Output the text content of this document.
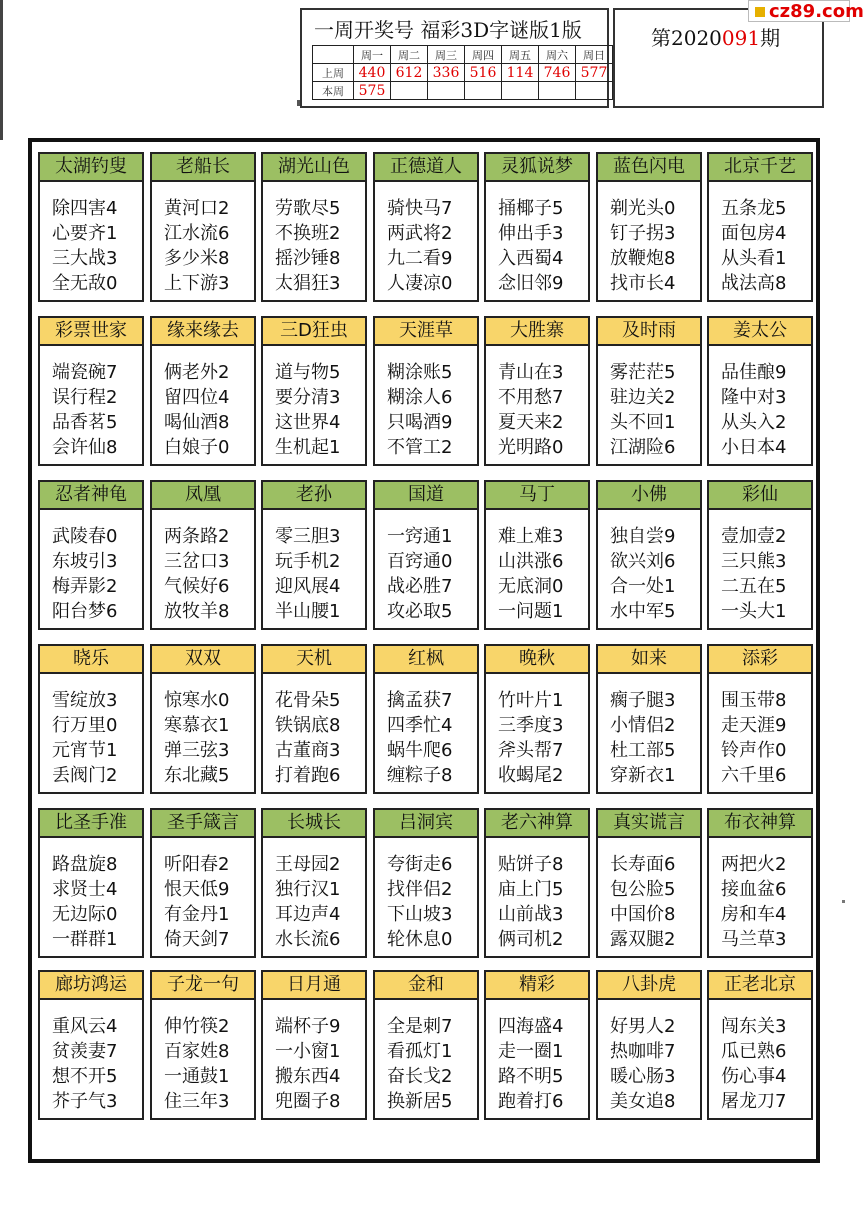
一周开奖号 福彩3D字谜版1版
	周一	周二	周三	周四	周五	周六	周日
上周	440	612	336	516	114	746	577
本周	575						
第2020091期
cz89.com
太湖钓叟
除四害4
心要齐1
三大战3
全无敌0
老船长
黄河口2
江水流6
多少米8
上下游3
湖光山色
劳歌尽5
不换班2
摇沙锤8
太猖狂3
正德道人
骑快马7
两武将2
九二看9
人凄凉0
灵狐说梦
捅椰子5
伸出手3
入西蜀4
念旧邻9
蓝色闪电
剃光头0
钉子拐3
放鞭炮8
找市长4
北京千艺
五条龙5
面包房4
从头看1
战法高8
彩票世家
端瓷碗7
误行程2
品香茗5
会许仙8
缘来缘去
俩老外2
留四位4
喝仙酒8
白娘子0
三D狂虫
道与物5
要分清3
这世界4
生机起1
天涯草
糊涂账5
糊涂人6
只喝酒9
不管工2
大胜寨
青山在3
不用愁7
夏天来2
光明路0
及时雨
雾茫茫5
驻边关2
头不回1
江湖险6
姜太公
品佳酿9
隆中对3
从头入2
小日本4
忍者神龟
武陵春0
东坡引3
梅弄影2
阳台梦6
凤凰
两条路2
三岔口3
气候好6
放牧羊8
老孙
零三胆3
玩手机2
迎风展4
半山腰1
国道
一窍通1
百窍通0
战必胜7
攻必取5
马丁
难上难3
山洪涨6
无底洞0
一问题1
小佛
独自尝9
欲兴刘6
合一处1
水中军5
彩仙
壹加壹2
三只熊3
二五在5
一头大1
晓乐
雪绽放3
行万里0
元宵节1
丢阀门2
双双
惊寒水0
寒慕衣1
弹三弦3
东北藏5
天机
花骨朵5
铁锅底8
古董商3
打着跑6
红枫
擒孟获7
四季忙4
蜗牛爬6
缠粽子8
晚秋
竹叶片1
三季度3
斧头帮7
收蝎尾2
如来
瘸子腿3
小情侣2
杜工部5
穿新衣1
添彩
围玉带8
走天涯9
铃声作0
六千里6
比圣手准
路盘旋8
求贤士4
无边际0
一群群1
圣手箴言
听阳春2
恨天低9
有金丹1
倚天剑7
长城长
王母园2
独行汉1
耳边声4
水长流6
吕洞宾
夸街走6
找伴侣2
下山坡3
轮休息0
老六神算
贴饼子8
庙上门5
山前战3
俩司机2
真实谎言
长寿面6
包公脸5
中国价8
露双腿2
布衣神算
两把火2
接血盆6
房和车4
马兰草3
廊坊鸿运
重风云4
贫羡妻7
想不开5
芥子气3
子龙一句
伸竹筷2
百家姓8
一通鼓1
住三年3
日月通
端杯子9
一小窗1
搬东西4
兜圈子8
金和
全是刺7
看孤灯1
奋长戈2
换新居5
精彩
四海盛4
走一圈1
路不明5
跑着打6
八卦虎
好男人2
热咖啡7
暖心肠3
美女追8
正老北京
闯东关3
瓜已熟6
伤心事4
屠龙刀7
